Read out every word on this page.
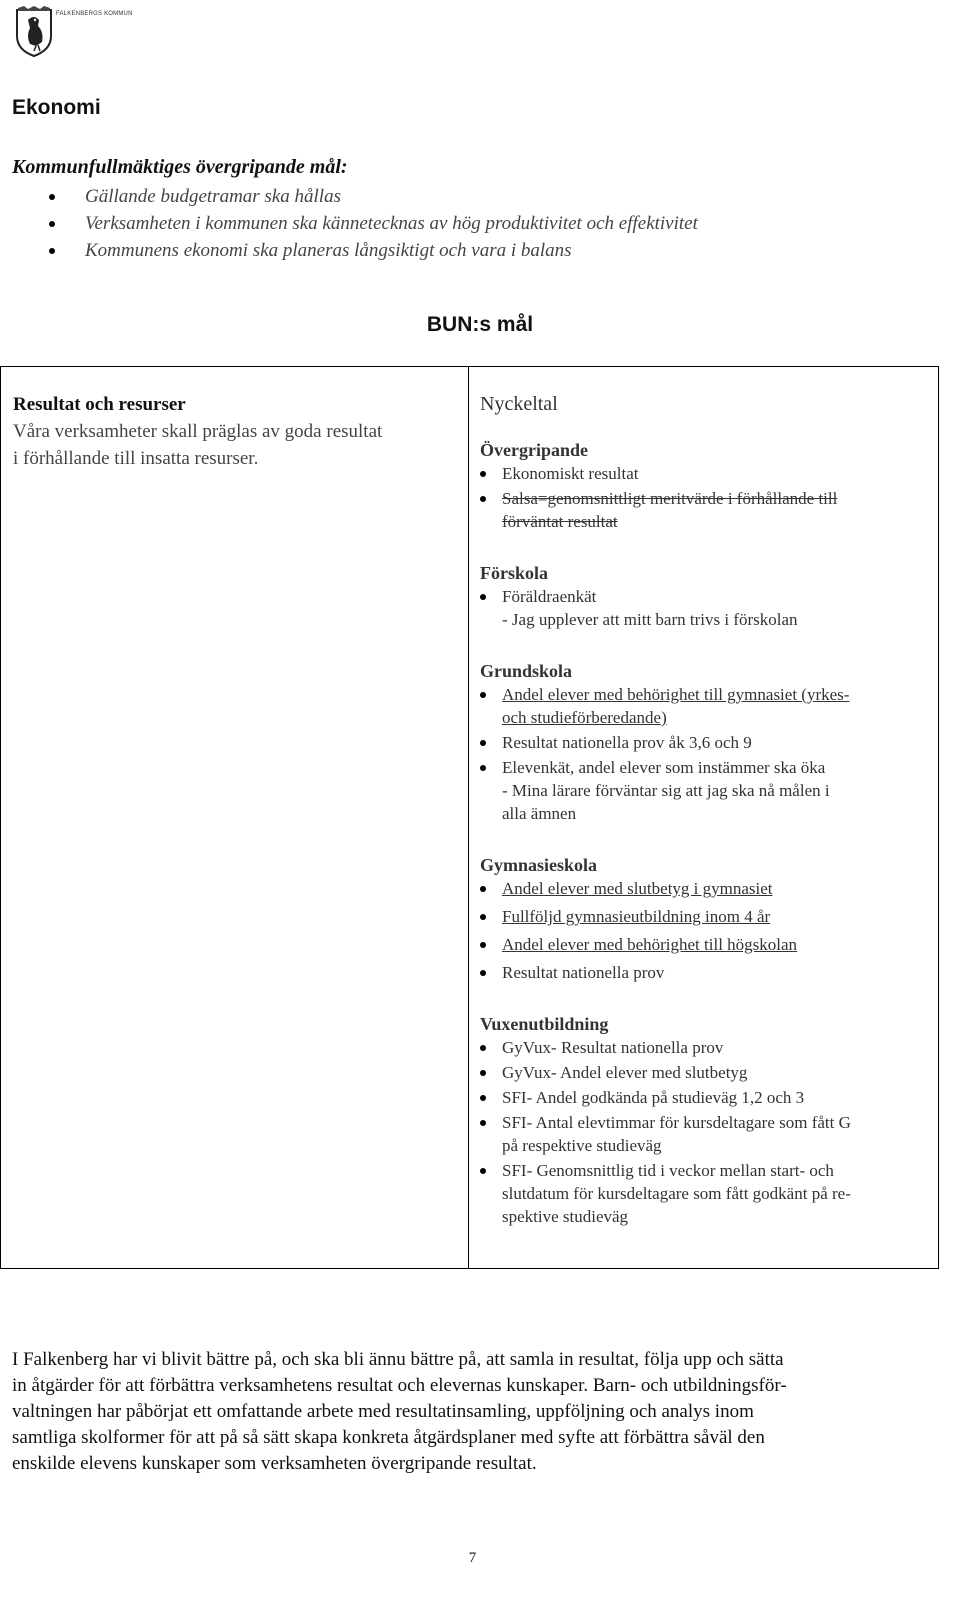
FALKENBERGS KOMMUN
Ekonomi
Kommunfullmäktiges övergripande mål:
Gällande budgetramar ska hållas
Verksamheten i kommunen ska kännetecknas av hög produktivitet och effektivitet
Kommunens ekonomi ska planeras långsiktigt och vara i balans
BUN:s mål
Resultat och resurser
Våra verksamheter skall präglas av goda resultat
i förhållande till insatta resurser.
Nyckeltal
Övergripande
Ekonomiskt resultat
Salsa=genomsnittligt meritvärde i förhållande till
förväntat resultat
Förskola
Föräldraenkät
- Jag upplever att mitt barn trivs i förskolan
Grundskola
Andel elever med behörighet till gymnasiet (yrkes-
och studieförberedande)
Resultat nationella prov åk 3,6 och 9
Elevenkät, andel elever som instämmer ska öka
- Mina lärare förväntar sig att jag ska nå målen i
alla ämnen
Gymnasieskola
Andel elever med slutbetyg i gymnasiet
Fullföljd gymnasieutbildning inom 4 år
Andel elever med behörighet till högskolan
Resultat nationella prov
Vuxenutbildning
GyVux- Resultat nationella prov
GyVux- Andel elever med slutbetyg
SFI- Andel godkända på studieväg 1,2 och 3
SFI- Antal elevtimmar för kursdeltagare som fått G
på respektive studieväg
SFI- Genomsnittlig tid i veckor mellan start- och
slutdatum för kursdeltagare som fått godkänt på re-
spektive studieväg
I Falkenberg har vi blivit bättre på, och ska bli ännu bättre på, att samla in resultat, följa upp och sätta
in åtgärder för att förbättra verksamhetens resultat och elevernas kunskaper. Barn- och utbildningsför-
valtningen har påbörjat ett omfattande arbete med resultatinsamling, uppföljning och analys inom
samtliga skolformer för att på så sätt skapa konkreta åtgärdsplaner med syfte att förbättra såväl den
enskilde elevens kunskaper som verksamheten övergripande resultat.
7
